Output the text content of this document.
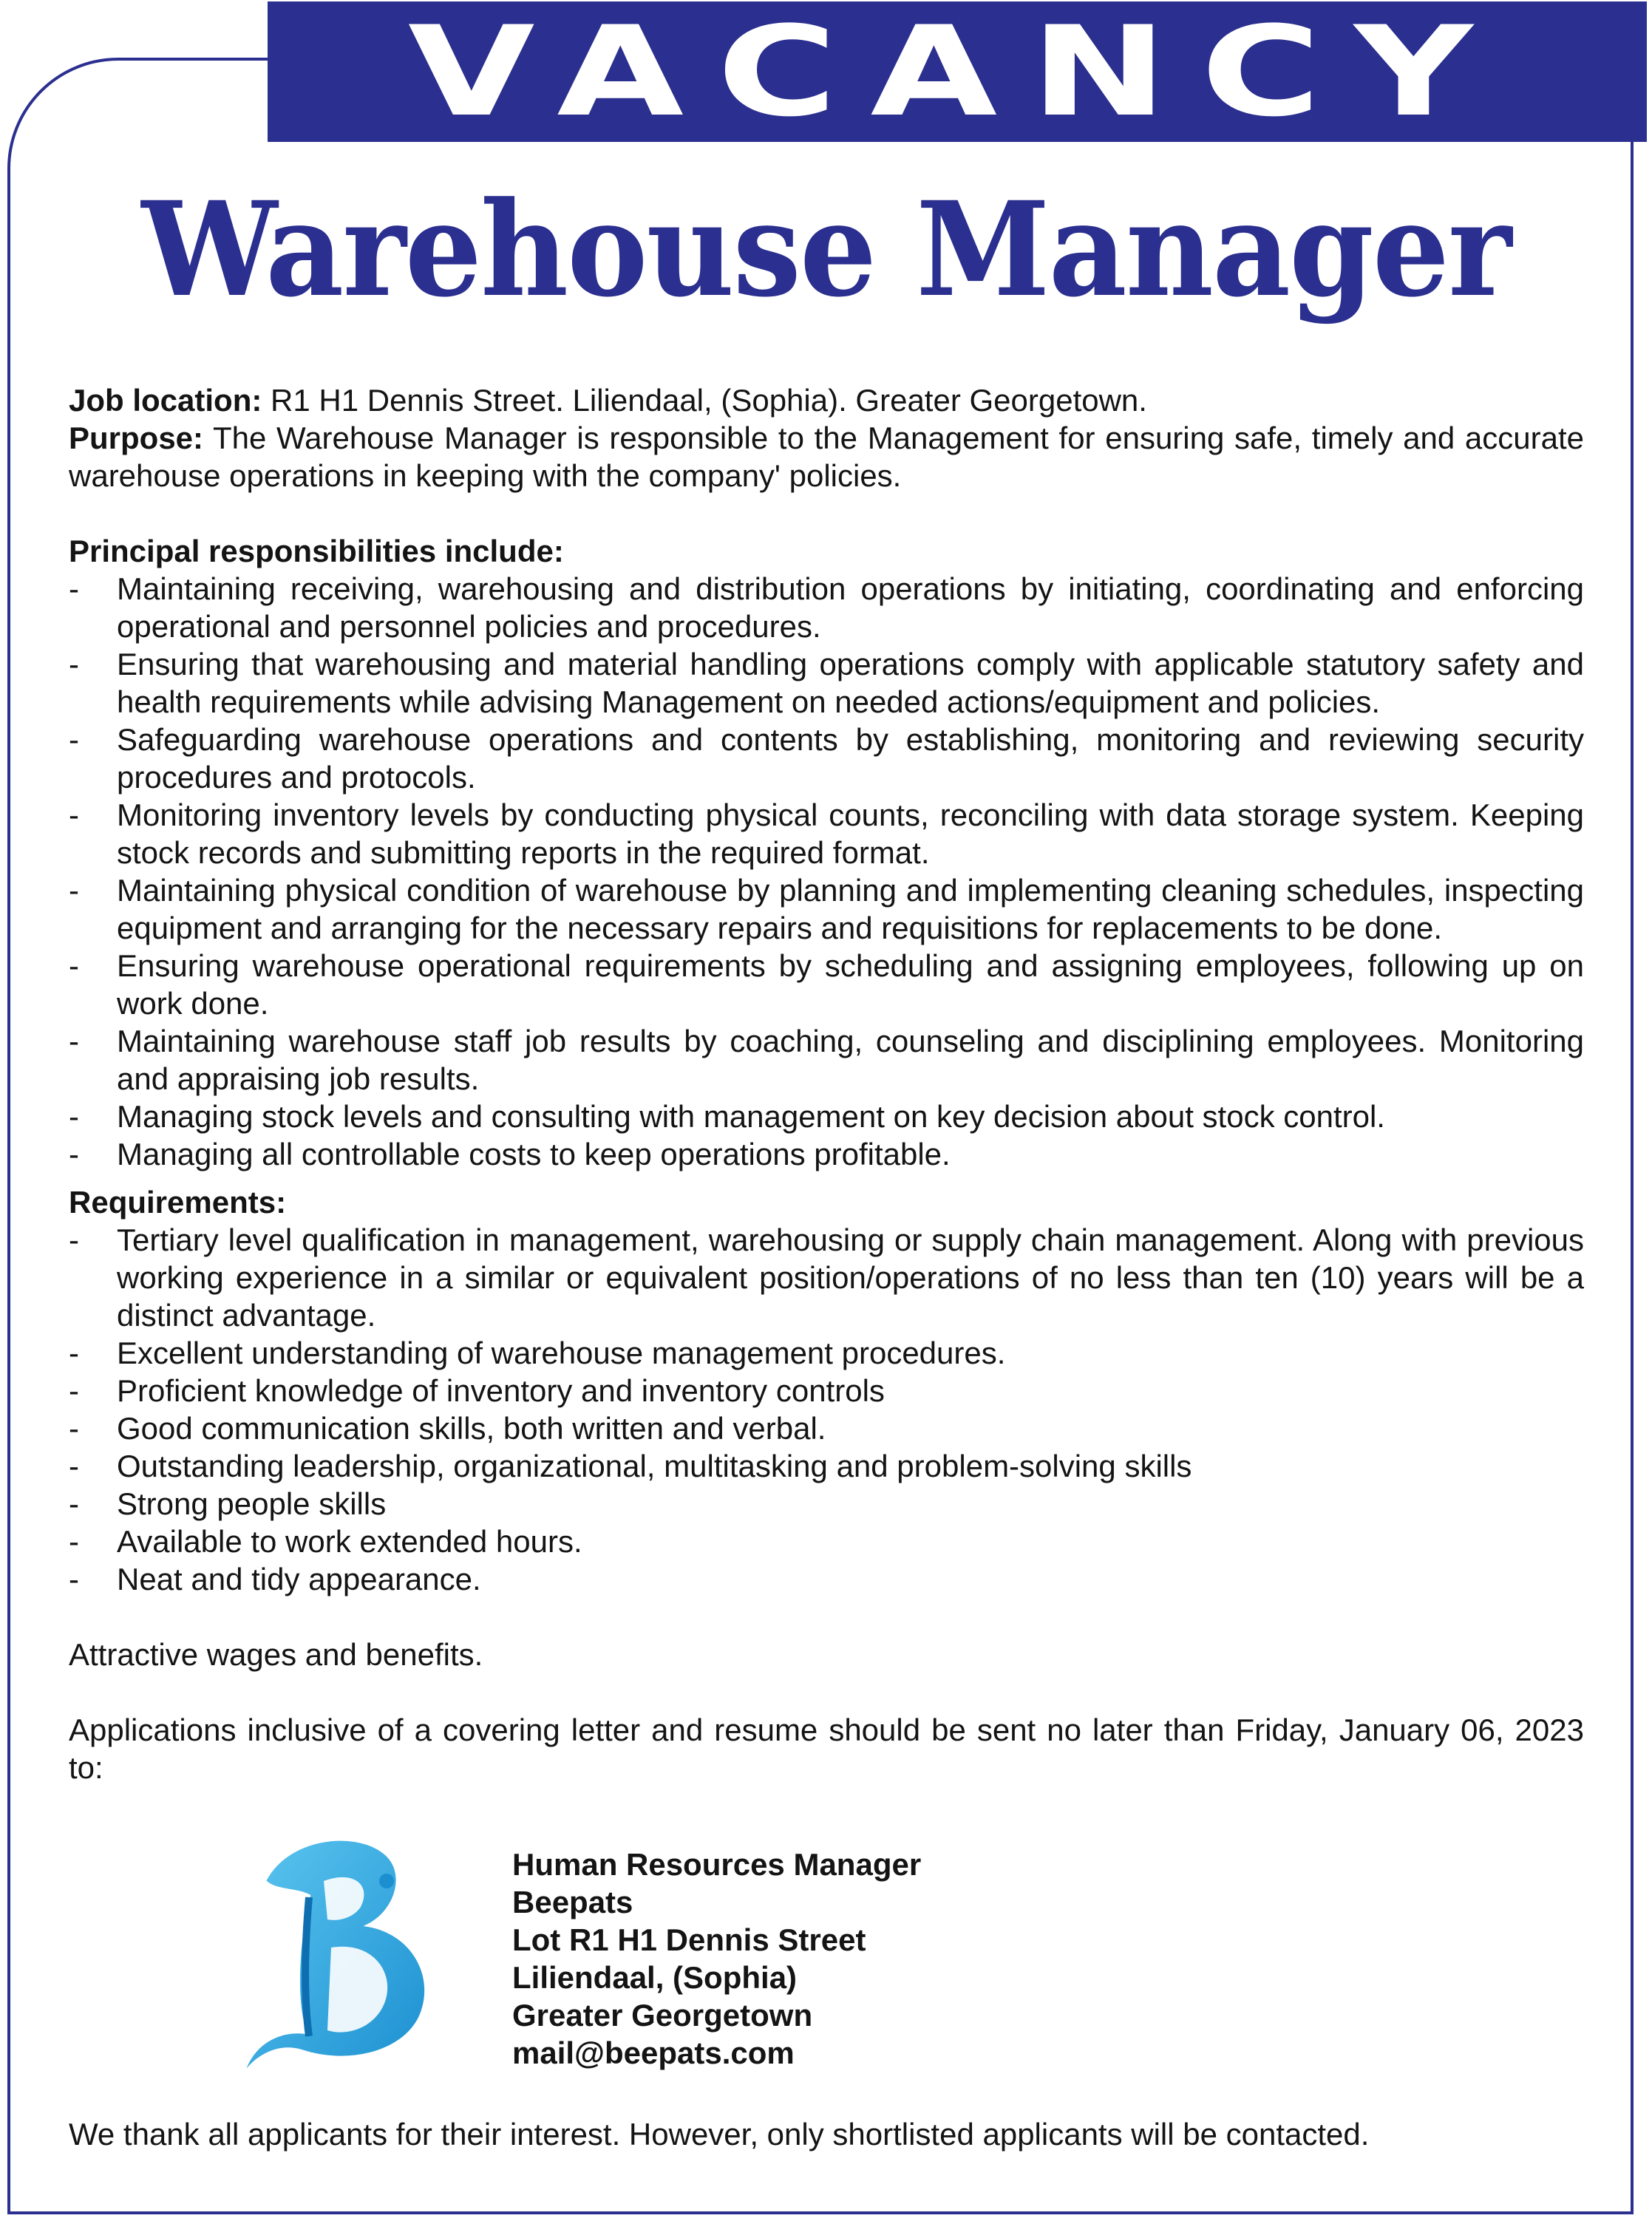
VACANCY
Warehouse Manager
Job location: R1 H1 Dennis Street. Liliendaal, (Sophia). Greater Georgetown.
Purpose: The Warehouse Manager is responsible to the Management for ensuring safe, timely and accurate warehouse operations in keeping with the company' policies.
Principal responsibilities include:
- Maintaining receiving, warehousing and distribution operations by initiating, coordinating and enforcing operational and personnel policies and procedures.
- Ensuring that warehousing and material handling operations comply with applicable statutory safety and health requirements while advising Management on needed actions/equipment and policies.
- Safeguarding warehouse operations and contents by establishing, monitoring and reviewing security procedures and protocols.
- Monitoring inventory levels by conducting physical counts, reconciling with data storage system. Keeping stock records and submitting reports in the required format.
- Maintaining physical condition of warehouse by planning and implementing cleaning schedules, inspecting equipment and arranging for the necessary repairs and requisitions for replacements to be done.
- Ensuring warehouse operational requirements by scheduling and assigning employees, following up on work done.
- Maintaining warehouse staff job results by coaching, counseling and disciplining employees. Monitoring and appraising job results.
- Managing stock levels and consulting with management on key decision about stock control.
- Managing all controllable costs to keep operations profitable.
Requirements:
- Tertiary level qualification in management, warehousing or supply chain management. Along with previous working experience in a similar or equivalent position/operations of no less than ten (10) years will be a distinct advantage.
- Excellent understanding of warehouse management procedures.
- Proficient knowledge of inventory and inventory controls
- Good communication skills, both written and verbal.
- Outstanding leadership, organizational, multitasking and problem-solving skills
- Strong people skills
- Available to work extended hours.
- Neat and tidy appearance.
Attractive wages and benefits.
Applications inclusive of a covering letter and resume should be sent no later than Friday, January 06, 2023 to:
Human Resources Manager
Beepats
Lot R1 H1 Dennis Street
Liliendaal, (Sophia)
Greater Georgetown
mail@beepats.com
We thank all applicants for their interest. However, only shortlisted applicants will be contacted.
